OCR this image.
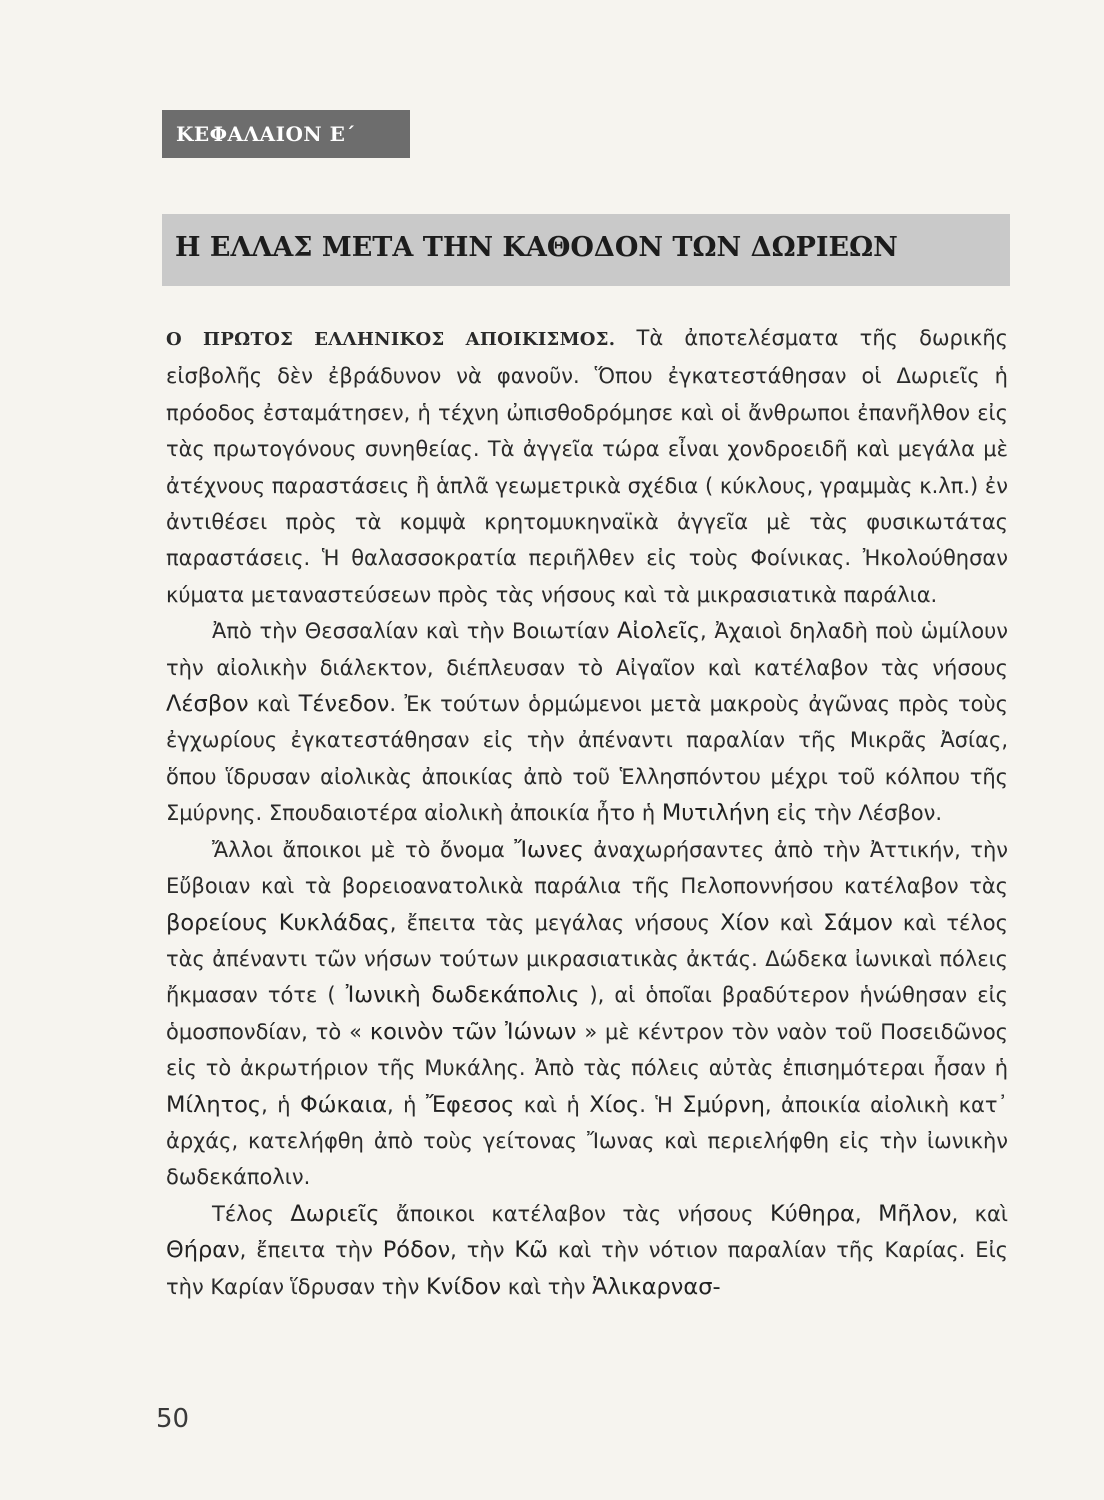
ΚΕΦΑΛΑΙΟΝ Ε΄
Η ΕΛΛΑΣ ΜΕΤΑ ΤΗΝ ΚΑΘΟΔΟΝ ΤΩΝ ΔΩΡΙΕΩΝ

Ο ΠΡΩΤΟΣ ΕΛΛΗΝΙΚΟΣ ΑΠΟΙΚΙΣΜΟΣ. Τὰ ἀποτελέσματα τῆς δωρικῆς εἰσβολῆς δὲν ἐβράδυνον νὰ φανοῦν. Ὅπου ἐγκατεστάθησαν οἱ Δωριεῖς ἡ πρόοδος ἐσταμάτησεν, ἡ τέχνη ὠπισθοδρόμησε καὶ οἱ ἄνθρωποι ἐπανῆλθον εἰς τὰς πρωτογόνους συνηθείας. Τὰ ἀγγεῖα τώρα εἶναι χονδροειδῆ καὶ μεγάλα μὲ ἀτέχνους παραστάσεις ἢ ἁπλᾶ γεωμετρικὰ σχέδια ( κύκλους, γραμμὰς κ.λπ.) ἐν ἀντιθέσει πρὸς τὰ κομψὰ κρητομυκηναϊκὰ ἀγγεῖα μὲ τὰς φυσικωτάτας παραστάσεις. Ἡ θαλασσοκρατία περιῆλθεν εἰς τοὺς Φοίνικας. Ἠκολούθησαν κύματα μεταναστεύσεων πρὸς τὰς νήσους καὶ τὰ μικρασιατικὰ παράλια.

Ἀπὸ τὴν Θεσσαλίαν καὶ τὴν Βοιωτίαν Αἰολεῖς, Ἀχαιοὶ δηλαδὴ ποὺ ὡμίλουν τὴν αἰολικὴν διάλεκτον, διέπλευσαν τὸ Αἰγαῖον καὶ κατέλαβον τὰς νήσους Λέσβον καὶ Τένεδον. Ἐκ τούτων ὁρμώμενοι μετὰ μακροὺς ἀγῶνας πρὸς τοὺς ἐγχωρίους ἐγκατεστάθησαν εἰς τὴν ἀπέναντι παραλίαν τῆς Μικρᾶς Ἀσίας, ὅπου ἵδρυσαν αἰολικὰς ἀποικίας ἀπὸ τοῦ Ἑλλησπόντου μέχρι τοῦ κόλπου τῆς Σμύρνης. Σπουδαιοτέρα αἰολικὴ ἀποικία ἦτο ἡ Μυτιλήνη εἰς τὴν Λέσβον.

Ἄλλοι ἄποικοι μὲ τὸ ὄνομα Ἴωνες ἀναχωρήσαντες ἀπὸ τὴν Ἀττικήν, τὴν Εὔβοιαν καὶ τὰ βορειοανατολικὰ παράλια τῆς Πελοποννήσου κατέλαβον τὰς βορείους Κυκλάδας, ἔπειτα τὰς μεγάλας νήσους Χίον καὶ Σάμον καὶ τέλος τὰς ἀπέναντι τῶν νήσων τούτων μικρασιατικὰς ἀκτάς. Δώδεκα ἰωνικαὶ πόλεις ἤκμασαν τότε ( Ἰωνικὴ δωδεκάπολις ), αἱ ὁποῖαι βραδύτερον ἡνώθησαν εἰς ὁμοσπονδίαν, τὸ « κοινὸν τῶν Ἰώνων » μὲ κέντρον τὸν ναὸν τοῦ Ποσειδῶνος εἰς τὸ ἀκρωτήριον τῆς Μυκάλης. Ἀπὸ τὰς πόλεις αὐτὰς ἐπισημότεραι ἦσαν ἡ Μίλητος, ἡ Φώκαια, ἡ Ἔφεσος καὶ ἡ Χίος. Ἡ Σμύρνη, ἀποικία αἰολικὴ κατ᾽ ἀρχάς, κατελήφθη ἀπὸ τοὺς γείτονας Ἴωνας καὶ περιελήφθη εἰς τὴν ἰωνικὴν δωδεκάπολιν.

Τέλος Δωριεῖς ἄποικοι κατέλαβον τὰς νήσους Κύθηρα, Μῆλον, καὶ Θήραν, ἔπειτα τὴν Ρόδον, τὴν Κῶ καὶ τὴν νότιον παραλίαν τῆς Καρίας. Εἰς τὴν Καρίαν ἵδρυσαν τὴν Κνίδον καὶ τὴν Ἁλικαρνασ-

50
